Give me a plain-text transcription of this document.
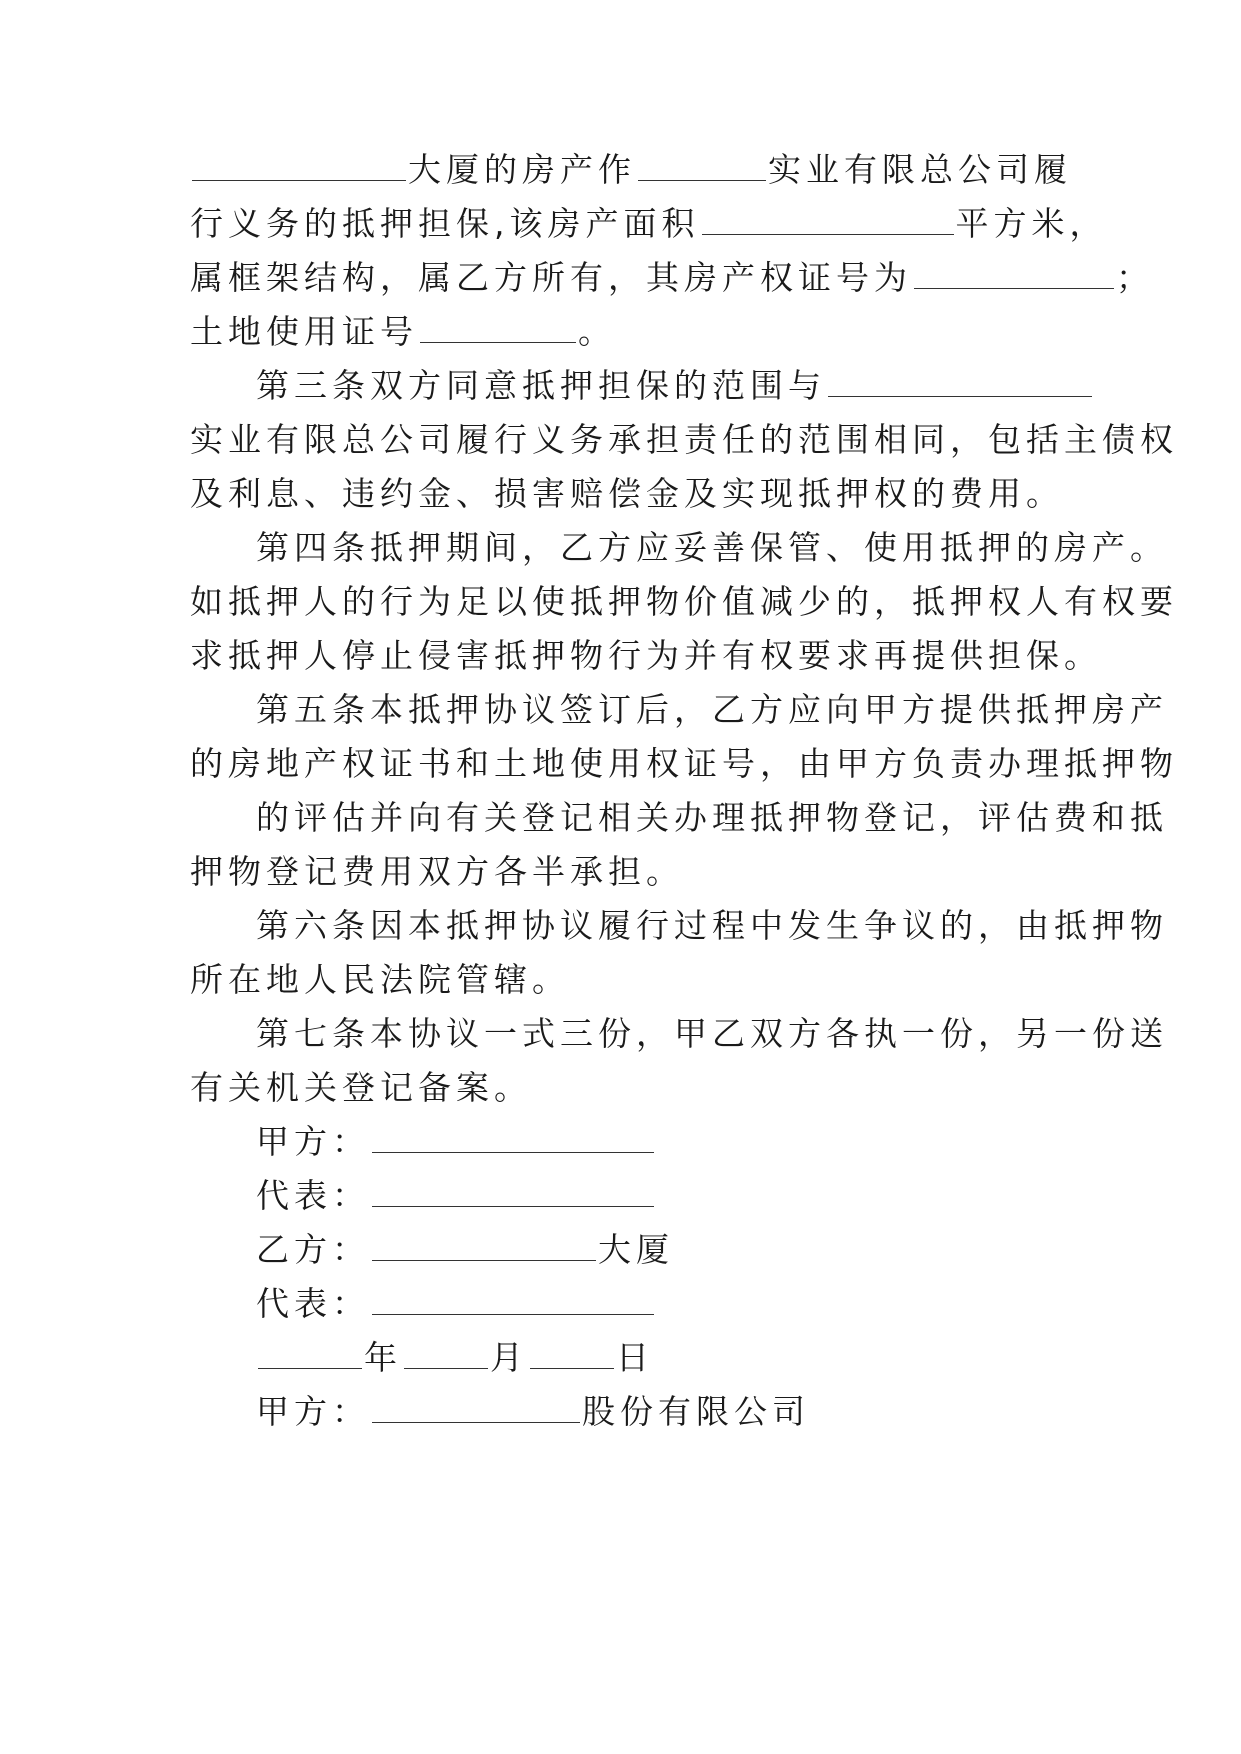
大厦的房产作	实业有限总公司履
行义务的抵押担保,该房产面积	平方米，
属框架结构，属乙方所有，其房产权证号为	；
土地使用证号	。
第三条双方同意抵押担保的范围与
实业有限总公司履行义务承担责任的范围相同，包括主债权
及利息、违约金、损害赔偿金及实现抵押权的费用。
第四条抵押期间，乙方应妥善保管、使用抵押的房产。
如抵押人的行为足以使抵押物价值减少的，抵押权人有权要
求抵押人停止侵害抵押物行为并有权要求再提供担保。
第五条本抵押协议签订后，乙方应向甲方提供抵押房产
的房地产权证书和土地使用权证号，由甲方负责办理抵押物
的评估并向有关登记相关办理抵押物登记，评估费和抵
押物登记费用双方各半承担。
第六条因本抵押协议履行过程中发生争议的，由抵押物
所在地人民法院管辖。
第七条本协议一式三份，甲乙双方各执一份，另一份送
有关机关登记备案。
甲方：
代表：
乙方：	大厦
代表：
年	月	日
甲方：	股份有限公司
